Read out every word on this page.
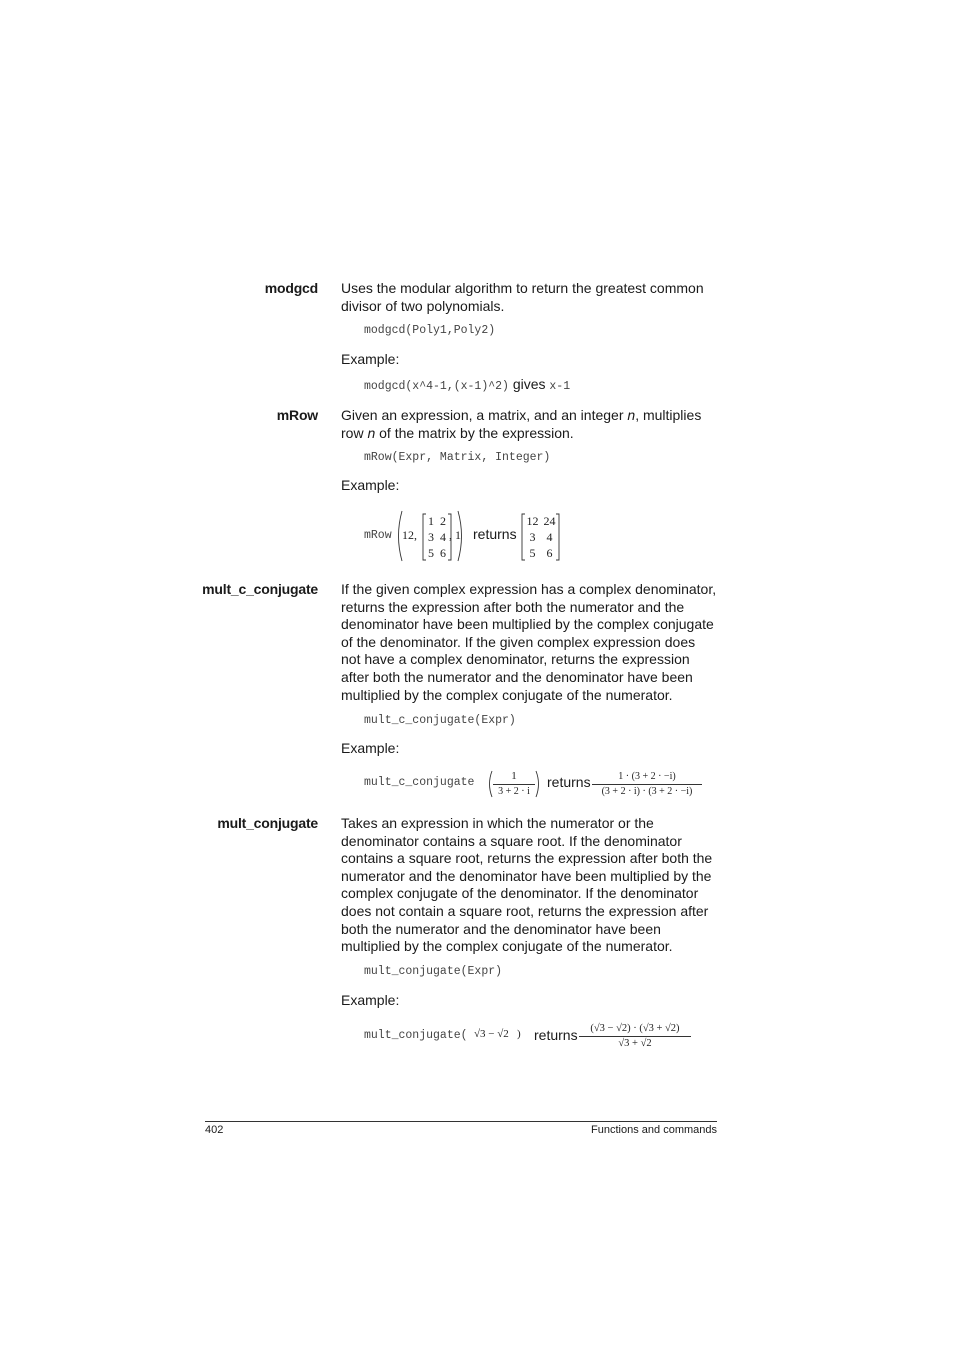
modgcd Uses the modular algorithm to return the greatest common divisor of two polynomials.
modgcd(Poly1,Poly2)
Example:
modgcd(x^4-1,(x-1)^2) gives x-1
mRow Given an expression, a matrix, and an integer n, multiplies row n of the matrix by the expression.
mRow(Expr, Matrix, Integer)
Example:
mRow 12,
1 2
3 4
5 6
, 1 returns
12 24
3 4
5 6
mult_c_conjugate If the given complex expression has a complex denominator, returns the expression after both the numerator and the denominator have been multiplied by the complex conjugate of the denominator. If the given complex expression does not have a complex denominator, returns the expression after both the numerator and the denominator have been multiplied by the complex conjugate of the numerator.
mult_c_conjugate(Expr)
Example:
mult_c_conjugate	1
3 + 2 · i
returns	1 · (3 + 2 · −i)
(3 + 2 · i) · (3 + 2 · −i)
mult_conjugate Takes an expression in which the numerator or the denominator contains a square root. If the denominator contains a square root, returns the expression after both the numerator and the denominator have been multiplied by the complex conjugate of the denominator. If the denominator does not contain a square root, returns the expression after both the numerator and the denominator have been multiplied by the complex conjugate of the numerator.
mult_conjugate(Expr)
Example:
mult_conjugate( √3 − √2 ) returns	(√3 − √2) · (√3 + √2)
√3 + √2
402	Functions and commands
